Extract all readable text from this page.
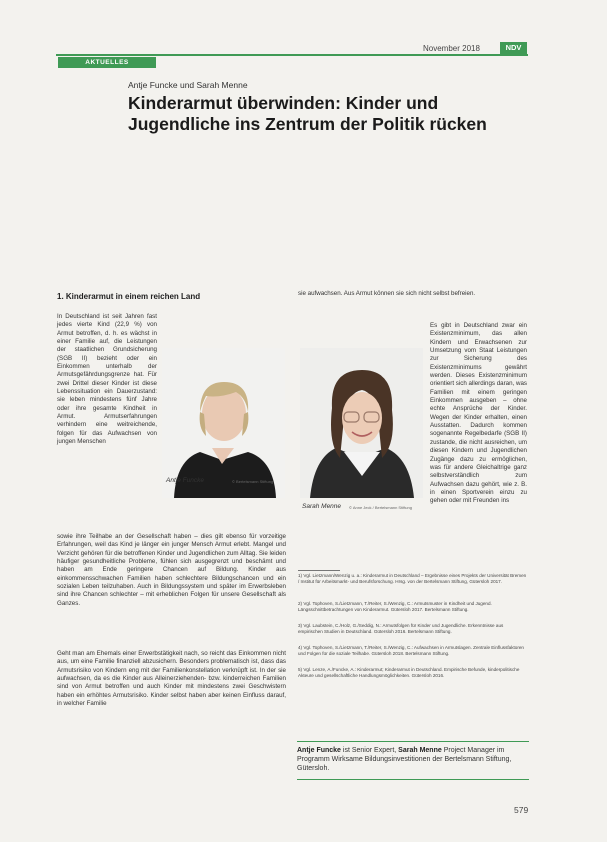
November 2018	NDV
AKTUELLES
Antje Funcke und Sarah Menne
Kinderarmut überwinden: Kinder und Jugendliche ins Zentrum der Politik rücken
1. Kinderarmut in einem reichen Land
In Deutschland ist seit Jahren fast jedes vierte Kind (22,9 %) von Armut betroffen, d. h. es wächst in einer Familie auf, die Leistungen der staatlichen Grundsicherung (SGB II) bezieht oder ein Einkommen unterhalb der Armutsgefährdungsgrenze hat. Für zwei Drittel dieser Kinder ist diese Lebenssituation ein Dauerzustand: sie leben mindestens fünf Jahre oder ihre gesamte Kindheit in Armut. Armutserfahrungen verhindern eine weitreichende, folgen für das Aufwachsen von jungen Menschen
sowie ihre Teilhabe an der Gesellschaft haben – dies gilt ebenso für vorzeitige Erfahrungen, weil das Kind je länger ein junger Mensch Armut erlebt. Mangel und Verzicht gehören für die betroffenen Kinder und Jugendlichen zum Alltag. Sie leiden häufiger gesundheitliche Probleme, fühlen sich ausgegrenzt und beschämt und haben am Ende geringere Chancen auf Bildung. Kinder aus einkommensschwachen Familien haben schlechtere Bildungschancen und ein sozialen Leben teilzuhaben. Auch in Bildungssystem und später im Erwerbsleben sind ihre Chancen schlechter – mit erheblichen Folgen für unsere Gesellschaft als Ganzes.
Geht man am Ehemals einer Erwerbstätigkeit nach, so reicht das Einkommen nicht aus, um eine Familie finanziell abzusichern. Besonders problematisch ist, dass das Armutsrisiko von Kindern eng mit der Familienkonstellation verknüpft ist. In der sie aufwachsen, da es die Kinder aus Alleinerziehenden- bzw. kinderreichen Familien sind von Armut betroffen und auch Kinder mit mindestens zwei Geschwistern haben ein erhöhtes Armutsrisiko. Kinder selbst haben aber keinen Einfluss darauf, in welcher Familie
sie aufwachsen. Aus Armut können sie sich nicht selbst befreien.
Es gibt in Deutschland zwar ein Existenzminimum, das allen Kindern und Erwachsenen zur Umsetzung vom Staat Leistungen zur Sicherung des Existenzminimums gewährt werden. Dieses Existenzminimum orientiert sich allerdings daran, was Familien mit einem geringen Einkommen ausgeben – ohne echte Ansprüche der Kinder. Wegen der Kinder erhalten, einen Ausstatten. Dadurch kommen sogenannte Regelbedarfe (SGB II) zustande, die nicht ausreichen, um diesen Kindern und Jugendlichen Zugänge dazu zu ermöglichen, was für andere Gleichaltrige ganz selbstverständlich zum Aufwachsen dazu gehört, wie z. B. in einen Sportverein einzu zu gehen oder mit Freunden ins
Antje Funcke	© Bertelsmann Stiftung
Sarah Menne © Anne Jeck / Bertelsmann Stiftung
1) Vgl. Lietzmann/Wenzig u. a.: Kinderarmut in Deutschland – Ergebnisse eines Projekts der Universität Bremen / Institut für Arbeitsmarkt- und Berufsforschung. Hrsg. von der Bertelsmann Stiftung, Gütersloh 2017.
2) Vgl. Tophoven, S./Lietzmann, T./Reiter, S./Wenzig, C.: Armutsmuster in Kindheit und Jugend. Längsschnittbetrachtungen von Kinderarmut. Gütersloh 2017. Bertelsmann Stiftung.
3) Vgl. Laubstein, C./Holz, G./Seddig, N.: Armutsfolgen für Kinder und Jugendliche. Erkenntnisse aus empirischen Studien in Deutschland. Gütersloh 2016. Bertelsmann Stiftung.
4) Vgl. Tophoven, S./Lietzmann, T./Reiter, S./Wenzig, C.: Aufwachsen in Armutslagen. Zentrale Einflussfaktoren und Folgen für die soziale Teilhabe. Gütersloh 2018. Bertelsmann Stiftung.
5) Vgl. Lenze, A./Funcke, A.: Kinderarmut; Kinderarmut in Deutschland. Empirische Befunde, kinderpolitische Akteure und gesellschaftliche Handlungsmöglichkeiten. Gütersloh 2016.
Antje Funcke ist Senior Expert, Sarah Menne Project Manager im Programm Wirksame Bildungsinvestitionen der Bertelsmann Stiftung, Gütersloh.
579
